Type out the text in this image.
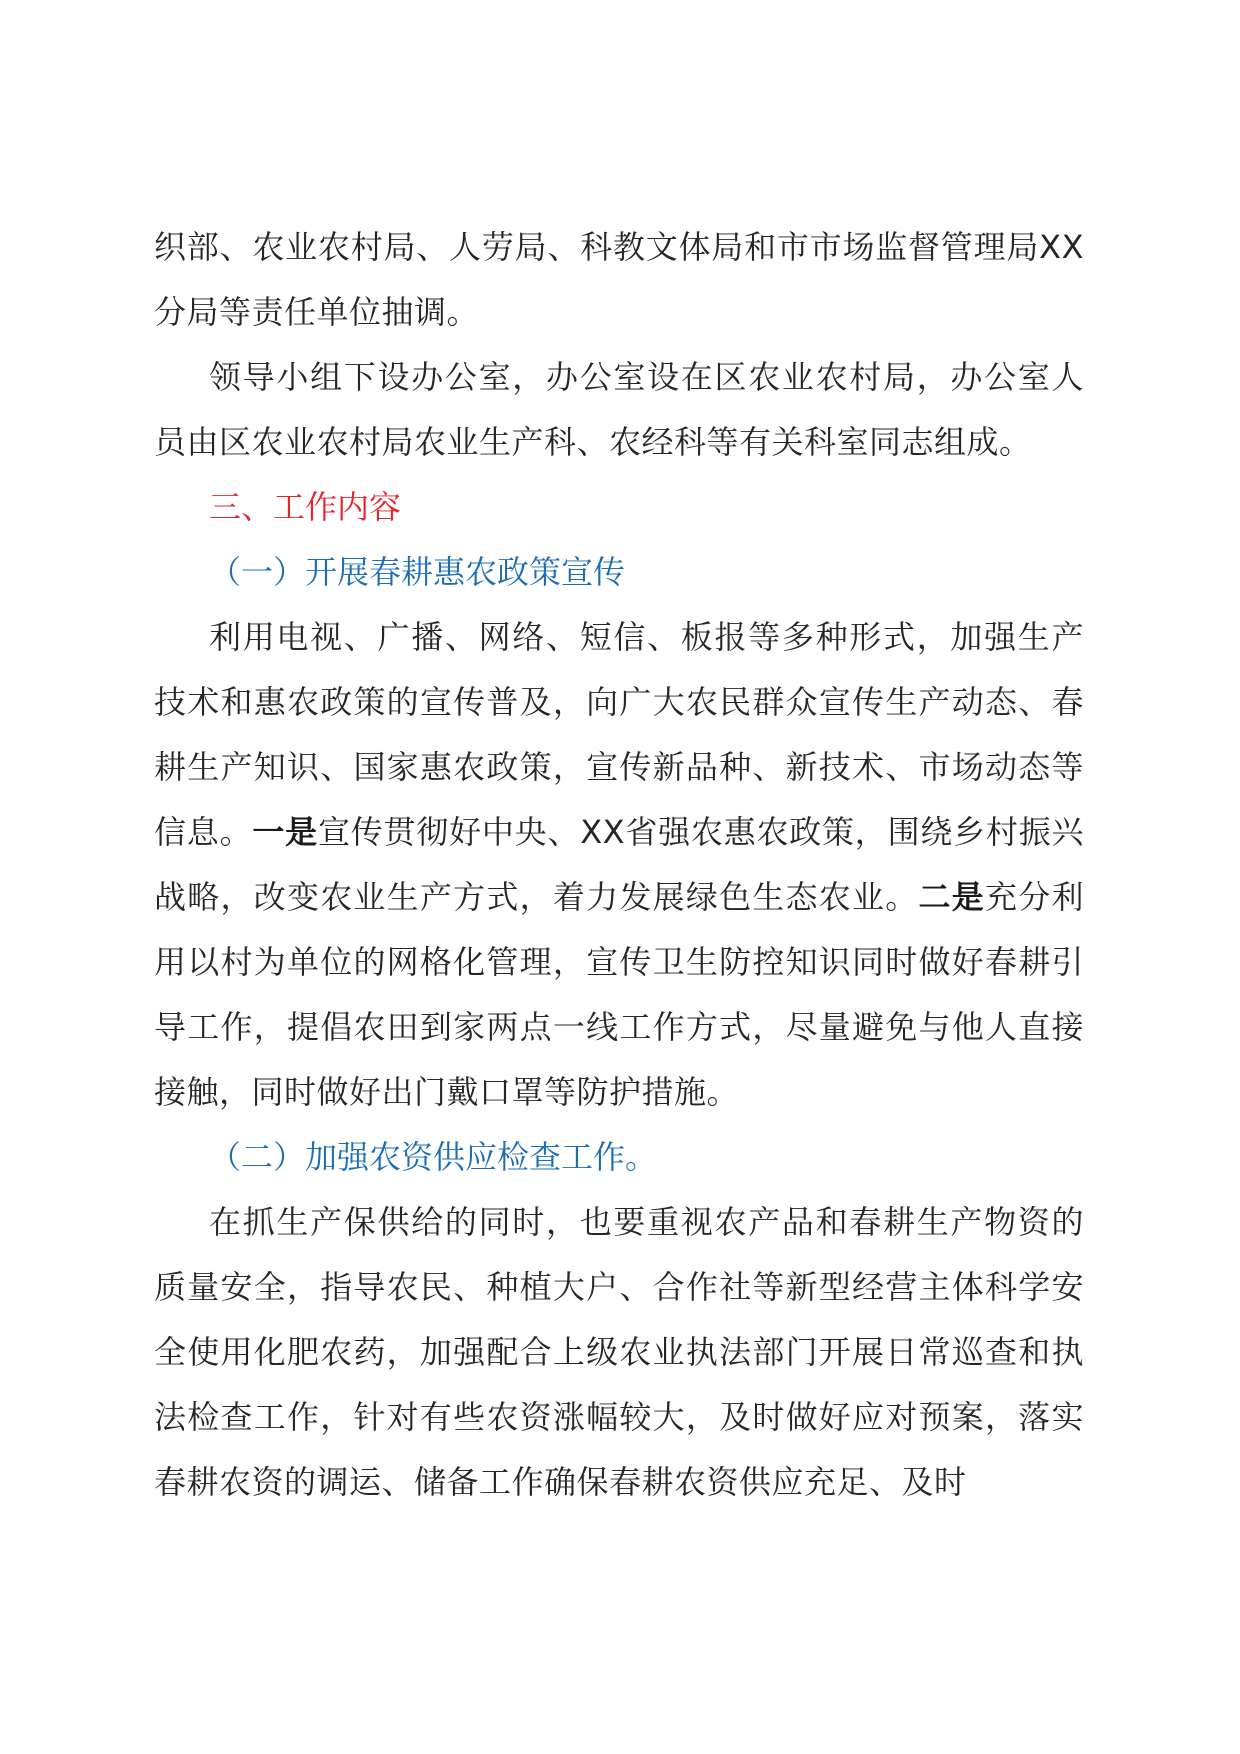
织部、农业农村局、人劳局、科教文体局和市市场监督管理局XX分局等责任单位抽调。

领导小组下设办公室，办公室设在区农业农村局，办公室人员由区农业农村局农业生产科、农经科等有关科室同志组成。

三、工作内容

（一）开展春耕惠农政策宣传

利用电视、广播、网络、短信、板报等多种形式，加强生产技术和惠农政策的宣传普及，向广大农民群众宣传生产动态、春耕生产知识、国家惠农政策，宣传新品种、新技术、市场动态等信息。一是宣传贯彻好中央、XX省强农惠农政策，围绕乡村振兴战略，改变农业生产方式，着力发展绿色生态农业。二是充分利用以村为单位的网格化管理，宣传卫生防控知识同时做好春耕引导工作，提倡农田到家两点一线工作方式，尽量避免与他人直接接触，同时做好出门戴口罩等防护措施。

（二）加强农资供应检查工作。

在抓生产保供给的同时，也要重视农产品和春耕生产物资的质量安全，指导农民、种植大户、合作社等新型经营主体科学安全使用化肥农药，加强配合上级农业执法部门开展日常巡查和执法检查工作，针对有些农资涨幅较大，及时做好应对预案，落实春耕农资的调运、储备工作确保春耕农资供应充足、及时
